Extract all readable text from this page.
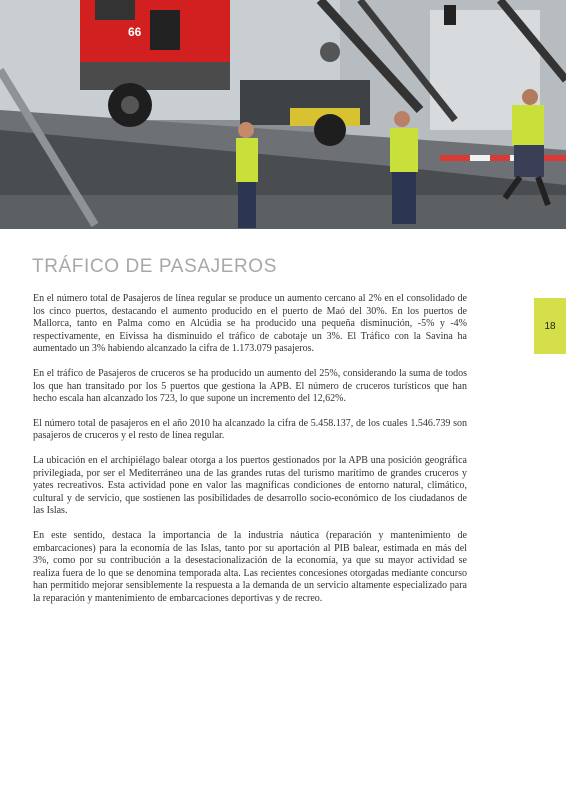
66
TRÁFICO DE PASAJEROS
18

En el número total de Pasajeros de línea regular se produce un aumento cercano al 2% en el consolidado de los cinco puertos, destacando el aumento producido en el puerto de Maó del 30%. En los puertos de Mallorca, tanto en Palma como en Alcúdia se ha producido una pequeña disminución, -5% y -4% respectivamente, en Eivissa ha disminuido el tráfico de cabotaje un 3%. El Tráfico con la Savina ha aumentado un 3% habiendo alcanzado la cifra de 1.173.079 pasajeros.

En el tráfico de Pasajeros de cruceros se ha producido un aumento del 25%, considerando la suma de todos los que han transitado por los 5 puertos que gestiona la APB. El número de cruceros turísticos que han hecho escala han alcanzado los 723, lo que supone un incremento del 12,62%.

El número total de pasajeros en el año 2010 ha alcanzado la cifra de 5.458.137, de los cuales 1.546.739 son pasajeros de cruceros y el resto de línea regular.

La ubicación en el archipiélago balear otorga a los puertos gestionados por la APB una posición geográfica privilegiada, por ser el Mediterráneo una de las grandes rutas del turismo marítimo de grandes cruceros y yates recreativos. Esta actividad pone en valor las magníficas condiciones de entorno natural, climático, cultural y de servicio, que sostienen las posibilidades de desarrollo socio-económico de los ciudadanos de las Islas.

En este sentido, destaca la importancia de la industria náutica (reparación y mantenimiento de embarcaciones) para la economía de las Islas, tanto por su aportación al PIB balear, estimada en más del 3%, como por su contribución a la desestacionalización de la economía, ya que su mayor actividad se realiza fuera de lo que se denomina temporada alta. Las recientes concesiones otorgadas mediante concurso han permitido mejorar sensiblemente la respuesta a la demanda de un servicio altamente especializado para la reparación y mantenimiento de embarcaciones deportivas y de recreo.
